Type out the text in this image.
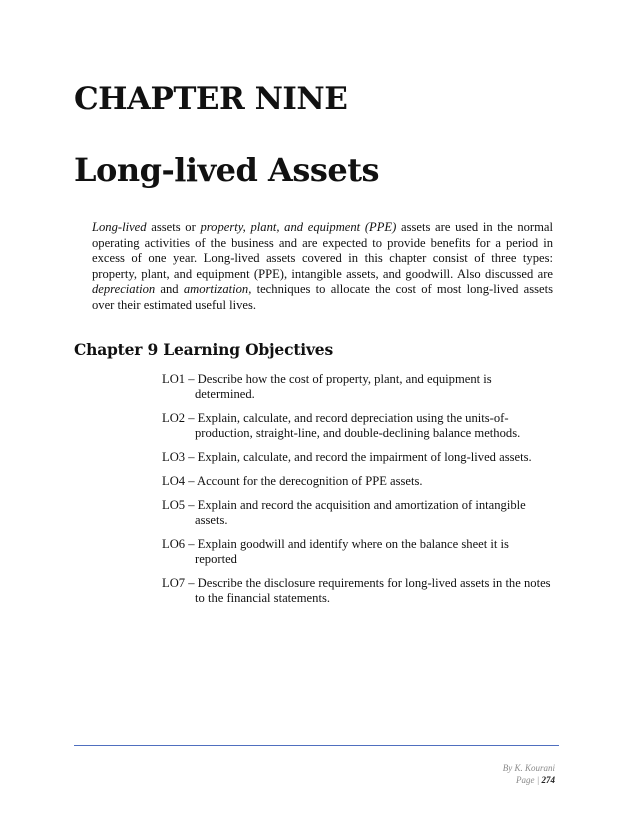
CHAPTER NINE
Long-lived Assets

Long-lived assets or property, plant, and equipment (PPE) assets are used in the normal operating activities of the business and are expected to provide benefits for a period in excess of one year. Long-lived assets covered in this chapter consist of three types: property, plant, and equipment (PPE), intangible assets, and goodwill. Also discussed are depreciation and amortization, techniques to allocate the cost of most long-lived assets over their estimated useful lives.

Chapter 9 Learning Objectives
LO1 – Describe how the cost of property, plant, and equipment is determined.
LO2 – Explain, calculate, and record depreciation using the units-of-production, straight-line, and double-declining balance methods.
LO3 – Explain, calculate, and record the impairment of long-lived assets.
LO4 – Account for the derecognition of PPE assets.
LO5 – Explain and record the acquisition and amortization of intangible assets.
LO6 – Explain goodwill and identify where on the balance sheet it is reported
LO7 – Describe the disclosure requirements for long-lived assets in the notes to the financial statements.
By K. Kourani
Page | 274
